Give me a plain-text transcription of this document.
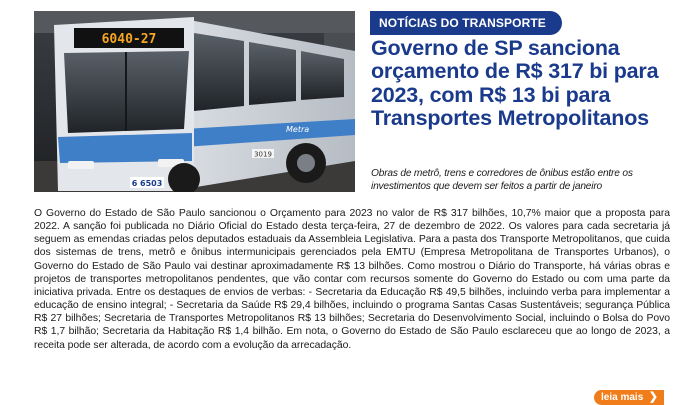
6040-27
6 6503
3019
Metra
NOTÍCIAS DO TRANSPORTE
Governo de SP sanciona orçamento de R$ 317 bi para 2023, com R$ 13 bi para Transportes Metropolitanos

Obras de metrô, trens e corredores de ônibus estão entre os investimentos que devem ser feitos a partir de janeiro

O Governo do Estado de São Paulo sancionou o Orçamento para 2023 no valor de R$ 317 bilhões, 10,7% maior que a proposta para 2022. A sanção foi publicada no Diário Oficial do Estado desta terça-feira, 27 de dezembro de 2022. Os valores para cada secretaria já seguem as emendas criadas pelos deputados estaduais da Assembleia Legislativa. Para a pasta dos Transporte Metropolitanos, que cuida dos sistemas de trens, metrô e ônibus intermunicipais gerenciados pela EMTU (Empresa Metropolitana de Transportes Urbanos), o Governo do Estado de São Paulo vai destinar aproximadamente R$ 13 bilhões. Como mostrou o Diário do Transporte, há várias obras e projetos de transportes metropolitanos pendentes, que vão contar com recursos somente do Governo do Estado ou com uma parte da iniciativa privada. Entre os destaques de envios de verbas: - Secretaria da Educação R$ 49,5 bilhões, incluindo verba para implementar a educação de ensino integral; - Secretaria da Saúde R$ 29,4 bilhões, incluindo o programa Santas Casas Sustentáveis; segurança Pública R$ 27 bilhões; Secretaria de Transportes Metropolitanos R$ 13 bilhões; Secretaria do Desenvolvimento Social, incluindo o Bolsa do Povo R$ 1,7 bilhão; Secretaria da Habitação R$ 1,4 bilhão. Em nota, o Governo do Estado de São Paulo esclareceu que ao longo de 2023, a receita pode ser alterada, de acordo com a evolução da arrecadação.

leia mais ❯
